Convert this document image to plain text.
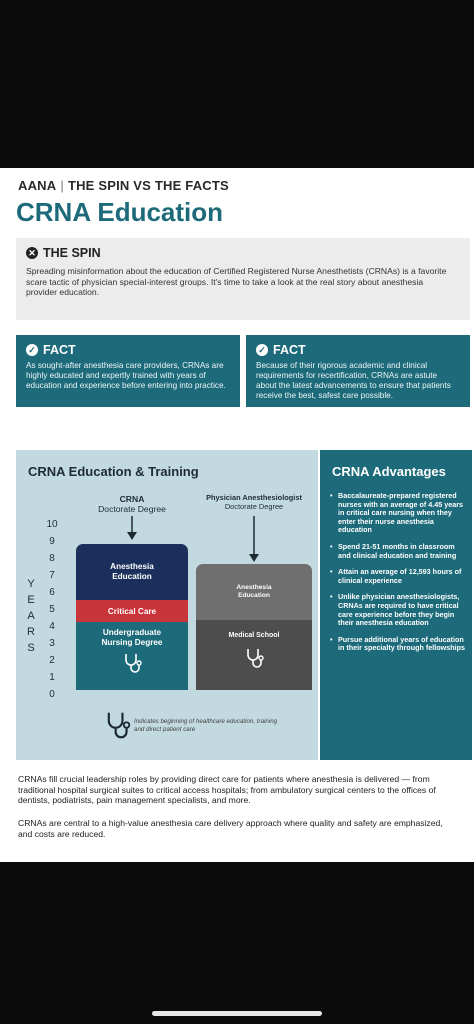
AANA | THE SPIN VS THE FACTS
CRNA Education
✕ THE SPIN
Spreading misinformation about the education of Certified Registered Nurse Anesthetists (CRNAs) is a favorite scare tactic of physician special-interest groups. It's time to take a look at the real story about anesthesia provider education.
✓ FACT
As sought-after anesthesia care providers, CRNAs are highly educated and expertly trained with years of education and experience before entering into practice.
✓ FACT
Because of their rigorous academic and clinical requirements for recertification, CRNAs are astute about the latest advancements to ensure that patients receive the best, safest care possible.
CRNA Education & Training
CRNA
Doctorate Degree
Physician Anesthesiologist
Doctorate Degree
Y
E
A
R
S
10
9
8
7
6
5
4
3
2
1
0
Anesthesia Education
Critical Care
Undergraduate Nursing Degree
Anesthesia Education
Medical School
Indicates beginning of healthcare education, training and direct patient care
CRNA Advantages
• Baccalaureate-prepared registered nurses with an average of 4.45 years in critical care nursing when they enter their nurse anesthesia education
• Spend 21-51 months in classroom and clinical education and training
• Attain an average of 12,593 hours of clinical experience
• Unlike physician anesthesiologists, CRNAs are required to have critical care experience before they begin their anesthesia education
• Pursue additional years of education in their specialty through fellowships
CRNAs fill crucial leadership roles by providing direct care for patients where anesthesia is delivered — from traditional hospital surgical suites to critical access hospitals; from ambulatory surgical centers to the offices of dentists, podiatrists, pain management specialists, and more.
CRNAs are central to a high-value anesthesia care delivery approach where quality and safety are emphasized, and costs are reduced.
